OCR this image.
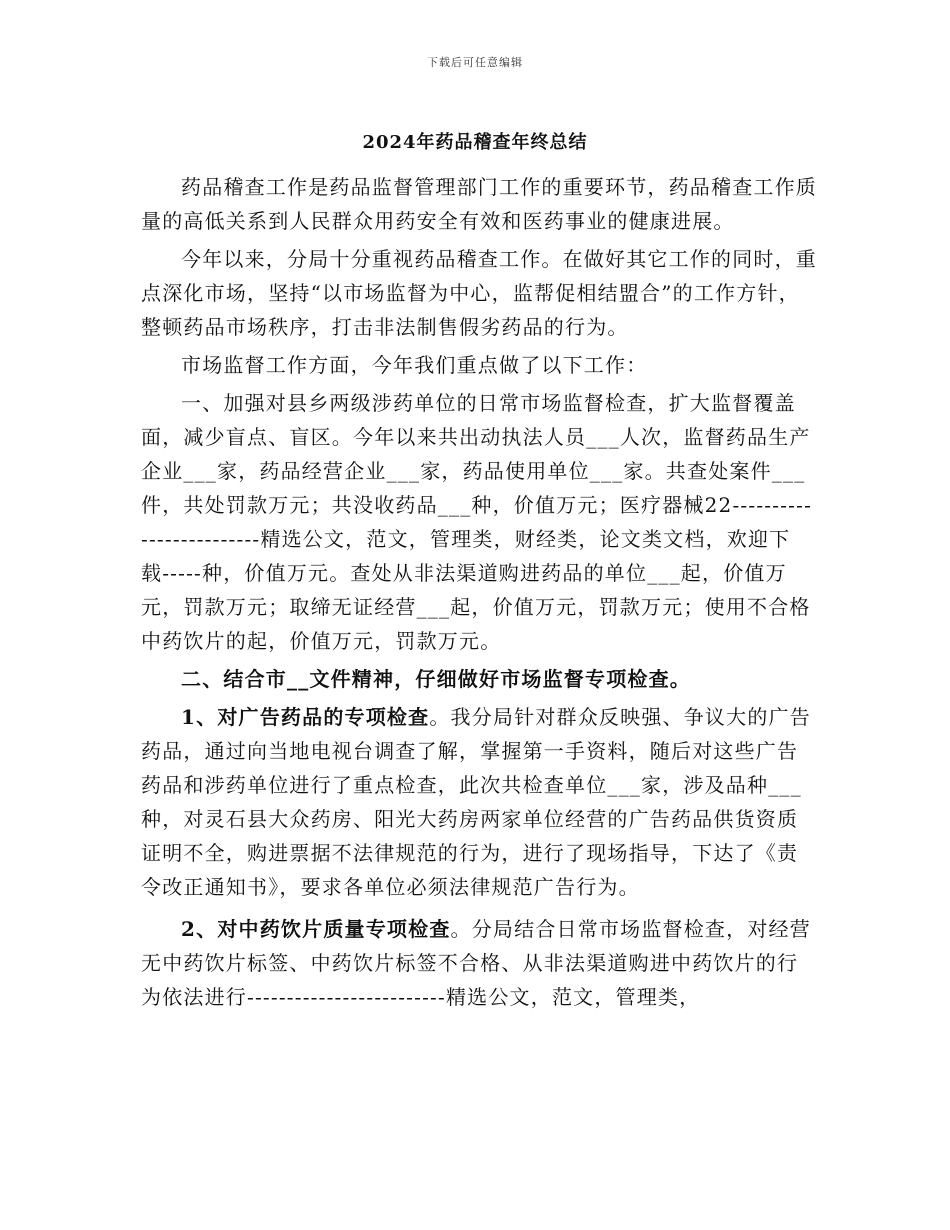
下载后可任意编辑
2024年药品稽查年终总结

药品稽查工作是药品监督管理部门工作的重要环节，药品稽查工作质量的高低关系到人民群众用药安全有效和医药事业的健康进展。

今年以来，分局十分重视药品稽查工作。在做好其它工作的同时，重点深化市场，坚持“以市场监督为中心，监帮促相结盟合”的工作方针，整顿药品市场秩序，打击非法制售假劣药品的行为。

市场监督工作方面，今年我们重点做了以下工作：

一、加强对县乡两级涉药单位的日常市场监督检查，扩大监督覆盖面，减少盲点、盲区。今年以来共出动执法人员___人次，监督药品生产企业___家，药品经营企业___家，药品使用单位___家。共查处案件___件，共处罚款万元；共没收药品___种，价值万元；医疗器械22-------------------------精选公文，范文，管理类，财经类，论文类文档，欢迎下载-----种，价值万元。查处从非法渠道购进药品的单位___起，价值万元，罚款万元；取缔无证经营___起，价值万元，罚款万元；使用不合格中药饮片的起，价值万元，罚款万元。

二、结合市__文件精神，仔细做好市场监督专项检查。

1、对广告药品的专项检查。我分局针对群众反映强、争议大的广告药品，通过向当地电视台调查了解，掌握第一手资料，随后对这些广告药品和涉药单位进行了重点检查，此次共检查单位___家，涉及品种___种，对灵石县大众药房、阳光大药房两家单位经营的广告药品供货资质证明不全，购进票据不法律规范的行为，进行了现场指导，下达了《责令改正通知书》，要求各单位必须法律规范广告行为。

2、对中药饮片质量专项检查。分局结合日常市场监督检查，对经营无中药饮片标签、中药饮片标签不合格、从非法渠道购进中药饮片的行为依法进行-------------------------精选公文，范文，管理类，
